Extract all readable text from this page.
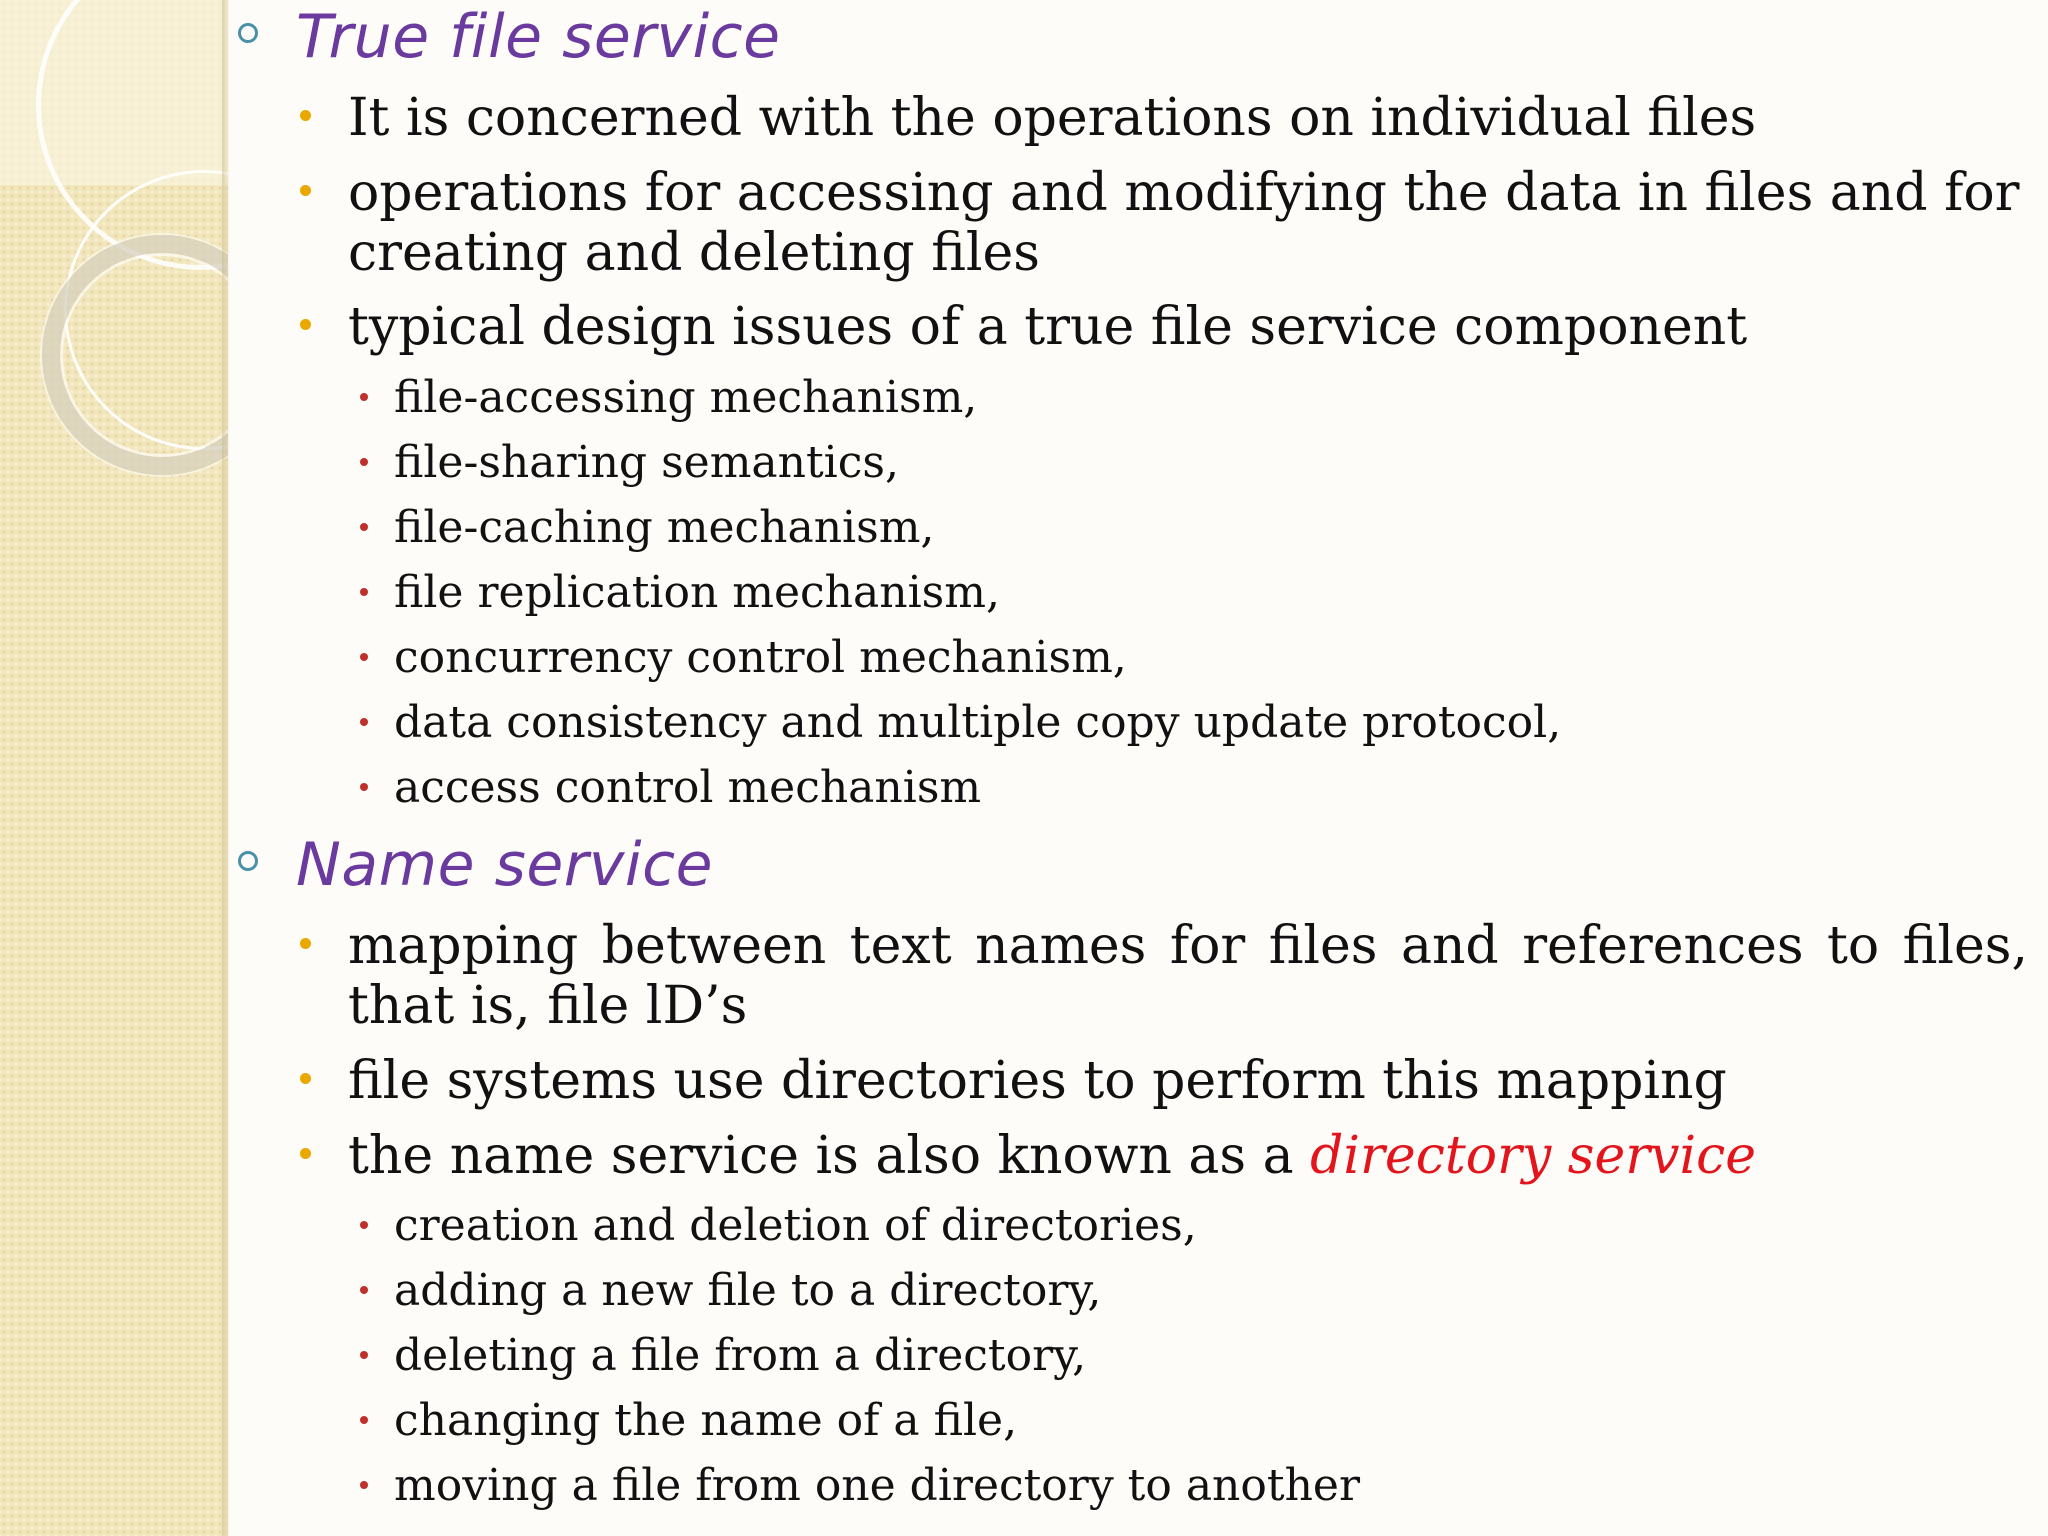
True file service
It is concerned with the operations on individual files
operations for accessing and modifying the data in files and for
creating and deleting files
typical design issues of a true file service component
file-accessing mechanism,
file-sharing semantics,
file-caching mechanism,
file replication mechanism,
concurrency control mechanism,
data consistency and multiple copy update protocol,
access control mechanism
Name service
mapping between text names for files and references to files,
that is, file lD’s
file systems use directories to perform this mapping
the name service is also known as a directory service
creation and deletion of directories,
adding a new file to a directory,
deleting a file from a directory,
changing the name of a file,
moving a file from one directory to another
